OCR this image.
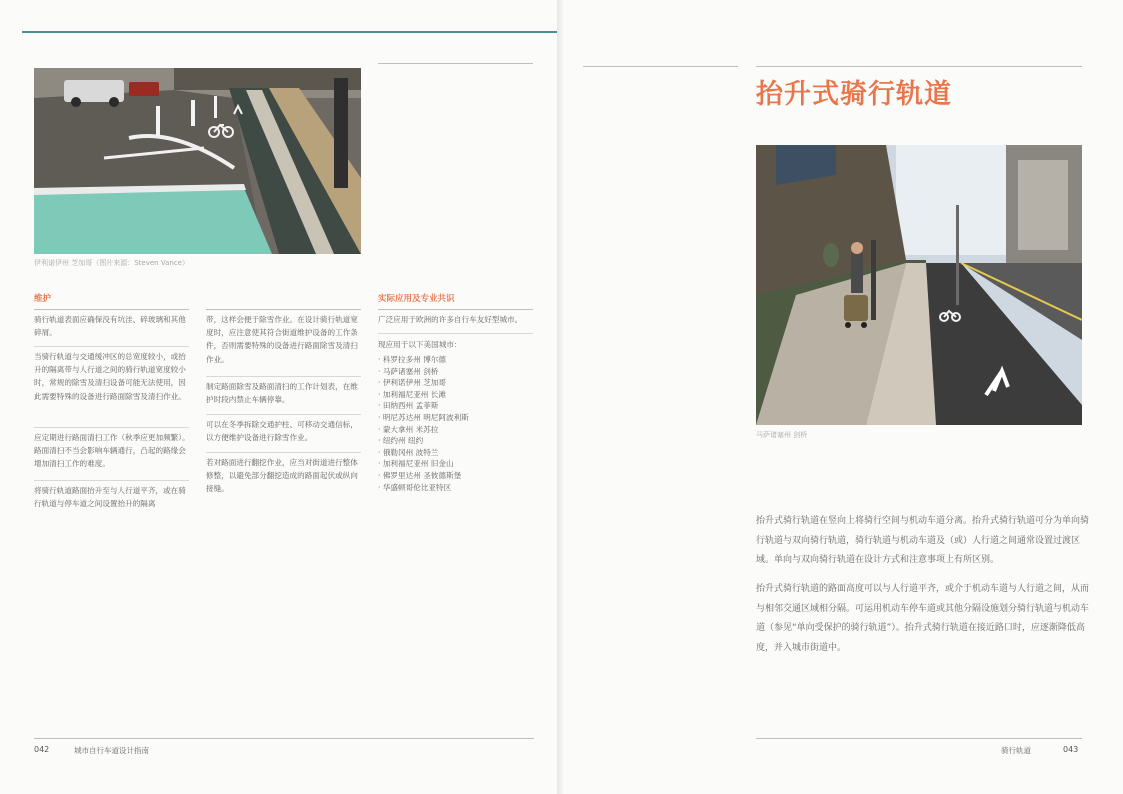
伊利诺伊州 芝加哥（图片来源：Steven Vance）
维护

骑行轨道表面应确保没有坑洼、碎玻璃和其他碎屑。

当骑行轨道与交通缓冲区的总宽度较小，或抬升的隔离带与人行道之间的骑行轨道宽度较小时，常规的除雪及清扫设备可能无法使用，因此需要特殊的设备进行路面除雪及清扫作业。

应定期进行路面清扫工作（秋季应更加频繁）。路面清扫不当会影响车辆通行，凸起的路缘会增加清扫工作的难度。

将骑行轨道路面抬升至与人行道平齐，或在骑行轨道与停车道之间设置抬升的隔离

带，这样会便于除雪作业。在设计骑行轨道宽度时，应注意使其符合街道维护设备的工作条件，否则需要特殊的设备进行路面除雪及清扫作业。

制定路面除雪及路面清扫的工作计划表，在维护时段内禁止车辆停靠。

可以在冬季拆除交通护柱、可移动交通信标，以方便维护设备进行除雪作业。

若对路面进行翻挖作业，应当对街道进行整体修整，以避免部分翻挖造成的路面起伏或纵向接缝。

实际应用及专业共识

广泛应用于欧洲的许多自行车友好型城市。

现应用于以下美国城市：

· 科罗拉多州 博尔德
· 马萨诸塞州 剑桥
· 伊利诺伊州 芝加哥
· 加利福尼亚州 长滩
· 田纳西州 孟菲斯
· 明尼苏达州 明尼阿波利斯
· 蒙大拿州 米苏拉
· 纽约州 纽约
· 俄勒冈州 波特兰
· 加利福尼亚州 旧金山
· 佛罗里达州 圣彼德斯堡
· 华盛顿哥伦比亚特区
042	城市自行车道设计指南
抬升式骑行轨道
马萨诸塞州 剑桥

抬升式骑行轨道在竖向上将骑行空间与机动车道分离。抬升式骑行轨道可分为单向骑行轨道与双向骑行轨道，骑行轨道与机动车道及（或）人行道之间通常设置过渡区域。单向与双向骑行轨道在设计方式和注意事项上有所区别。

抬升式骑行轨道的路面高度可以与人行道平齐，或介于机动车道与人行道之间，从而与相邻交通区域相分隔。可运用机动车停车道或其他分隔设施划分骑行轨道与机动车道（参见“单向受保护的骑行轨道”）。抬升式骑行轨道在接近路口时，应逐渐降低高度，并入城市街道中。

骑行轨道	043
